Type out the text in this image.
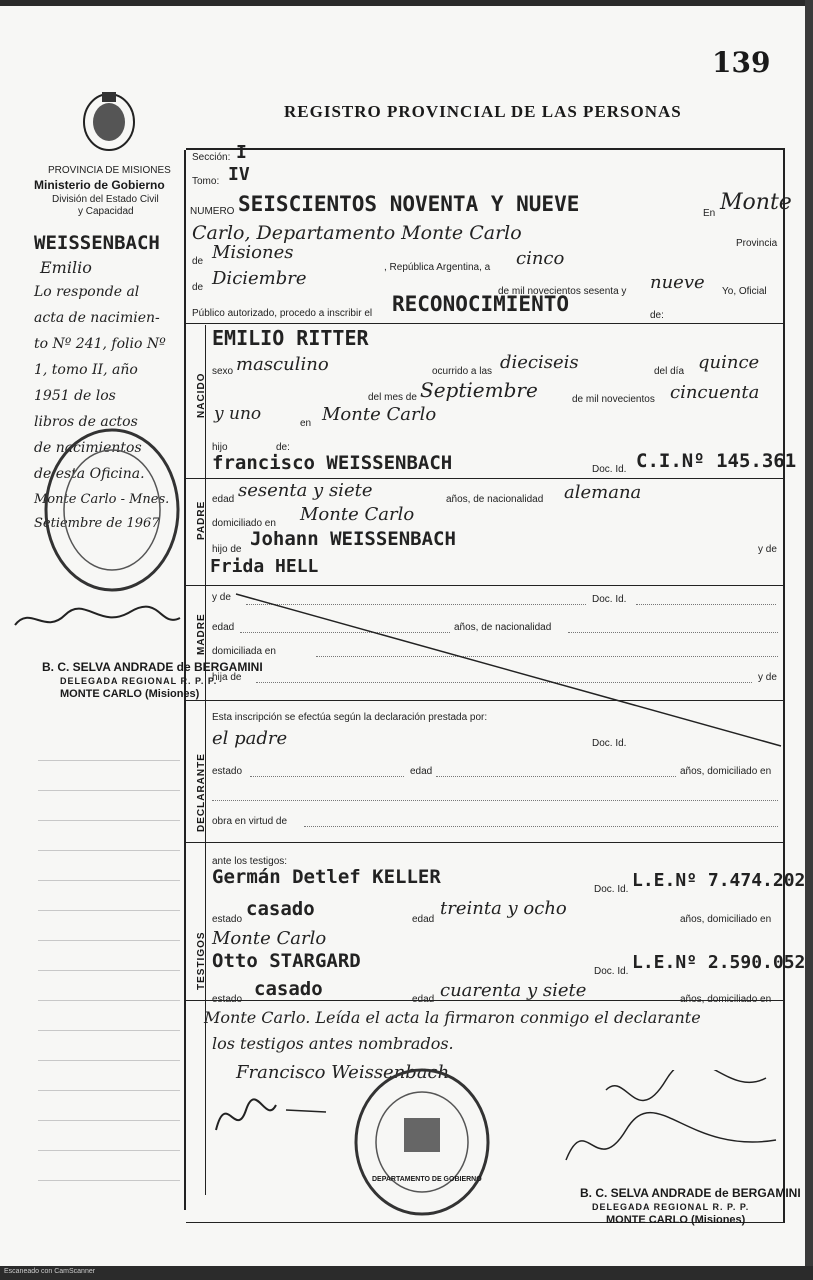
139
REGISTRO PROVINCIAL DE LAS PERSONAS
PROVINCIA DE MISIONES
Ministerio de Gobierno
División del Estado Civil
y Capacidad
NACIDO
PADRE
MADRE
DECLARANTE
TESTIGOS
Sección: I
Tomo: IV
NUMERO SEISCIENTOS NOVENTA Y NUEVE	En Monte
Carlo, Departamento Monte Carlo	Provincia
de Misiones
, República Argentina, a cinco
de Diciembre
de mil novecientos sesenta y nueve Yo, Oficial
Público autorizado, procedo a inscribir el RECONOCIMIENTO	de:
EMILIO RITTER
sexo masculino	ocurrido a las dieciseis	del día quince
del mes de Septiembre	de mil novecientos cincuenta
y uno	en Monte Carlo
hijo	de:
francisco WEISSENBACH	Doc. Id. C.I.Nº 145.361
edad sesenta y siete	años, de nacionalidad alemana
domiciliado en Monte Carlo
hijo de Johann WEISSENBACH	y de
Frida HELL
y de	Doc. Id.
edad	años, de nacionalidad
domiciliada en
hija de	y de
Esta inscripción se efectúa según la declaración prestada por:
el padre	Doc. Id.
estado	edad	años, domiciliado en
obra en virtud de
ante los testigos:
Germán Detlef KELLER
Doc. Id. L.E.Nº 7.474.202
estado casado	edad
treinta y ocho
años, domiciliado en
Monte Carlo
Otto STARGARD	Doc. Id. L.E.Nº 2.590.052
estado casado	edad cuarenta y siete	años, domiciliado en
Monte Carlo. Leída el acta la firmaron conmigo el declarante
los testigos antes nombrados.
Francisco Weissenbach
WEISSENBACH
Emilio
Lo responde al
acta de nacimien-
to Nº 241, folio Nº
1, tomo II, año
1951 de los
libros de actos
de nacimientos
de esta Oficina.
Monte Carlo - Mnes.
Setiembre de 1967
B. C. SELVA ANDRADE de BERGAMINI
DELEGADA REGIONAL R. P. P.
MONTE CARLO (Misiones)
DEPARTAMENTO DE GOBIERNO
B. C. SELVA ANDRADE de BERGAMINI
DELEGADA REGIONAL R. P. P.
MONTE CARLO (Misiones)
Escaneado con CamScanner
